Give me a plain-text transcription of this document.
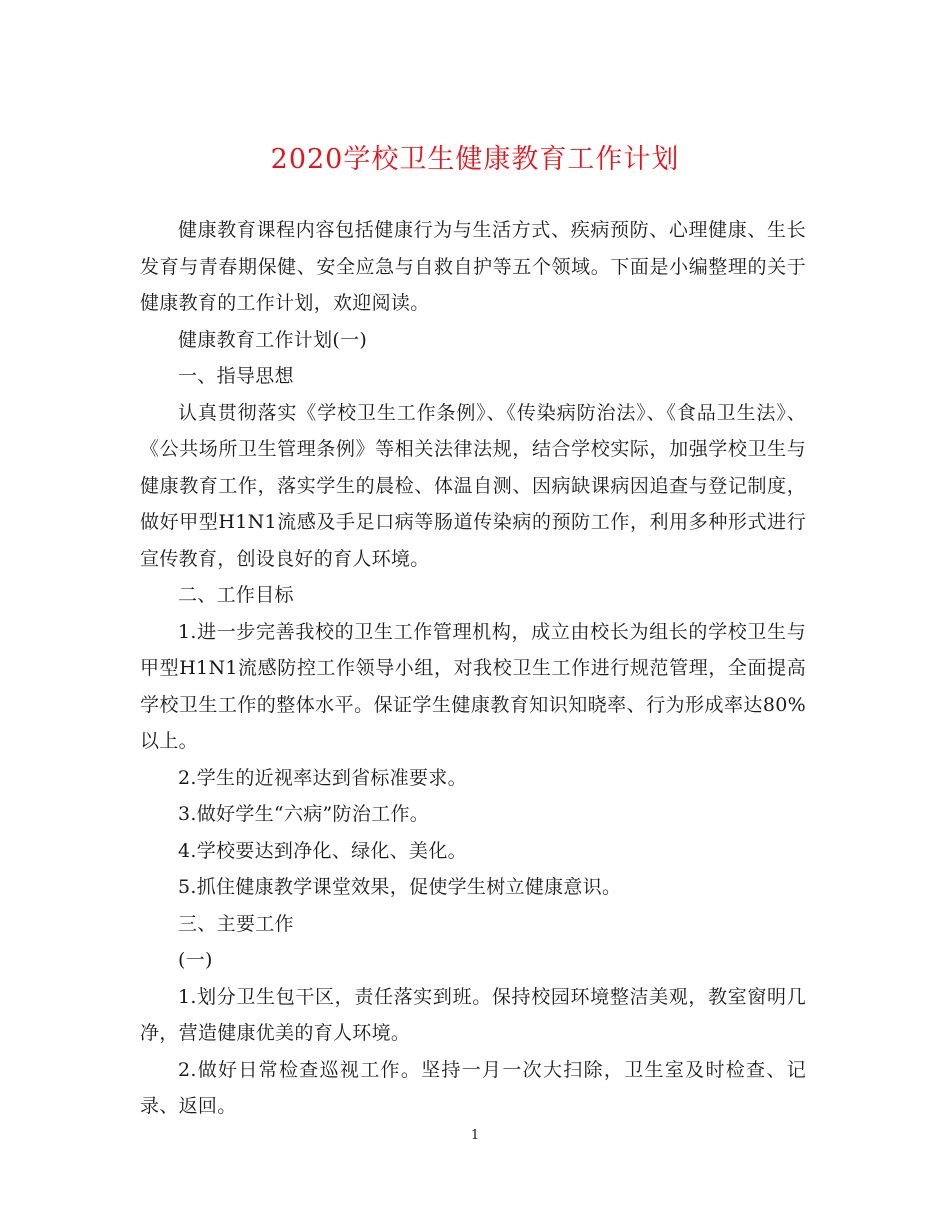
2020学校卫生健康教育工作计划

健康教育课程内容包括健康行为与生活方式、疾病预防、心理健康、生长发育与青春期保健、安全应急与自救自护等五个领域。下面是小编整理的关于健康教育的工作计划，欢迎阅读。

健康教育工作计划(一)

一、指导思想

认真贯彻落实《学校卫生工作条例》、《传染病防治法》、《食品卫生法》、《公共场所卫生管理条例》等相关法律法规，结合学校实际，加强学校卫生与健康教育工作，落实学生的晨检、体温自测、因病缺课病因追查与登记制度，做好甲型H1N1流感及手足口病等肠道传染病的预防工作，利用多种形式进行宣传教育，创设良好的育人环境。

二、工作目标

1.进一步完善我校的卫生工作管理机构，成立由校长为组长的学校卫生与甲型H1N1流感防控工作领导小组，对我校卫生工作进行规范管理，全面提高学校卫生工作的整体水平。保证学生健康教育知识知晓率、行为形成率达80%以上。

2.学生的近视率达到省标准要求。

3.做好学生“六病”防治工作。

4.学校要达到净化、绿化、美化。

5.抓住健康教学课堂效果，促使学生树立健康意识。

三、主要工作

(一)

1.划分卫生包干区，责任落实到班。保持校园环境整洁美观，教室窗明几净，营造健康优美的育人环境。

2.做好日常检查巡视工作。坚持一月一次大扫除，卫生室及时检查、记录、返回。

1
